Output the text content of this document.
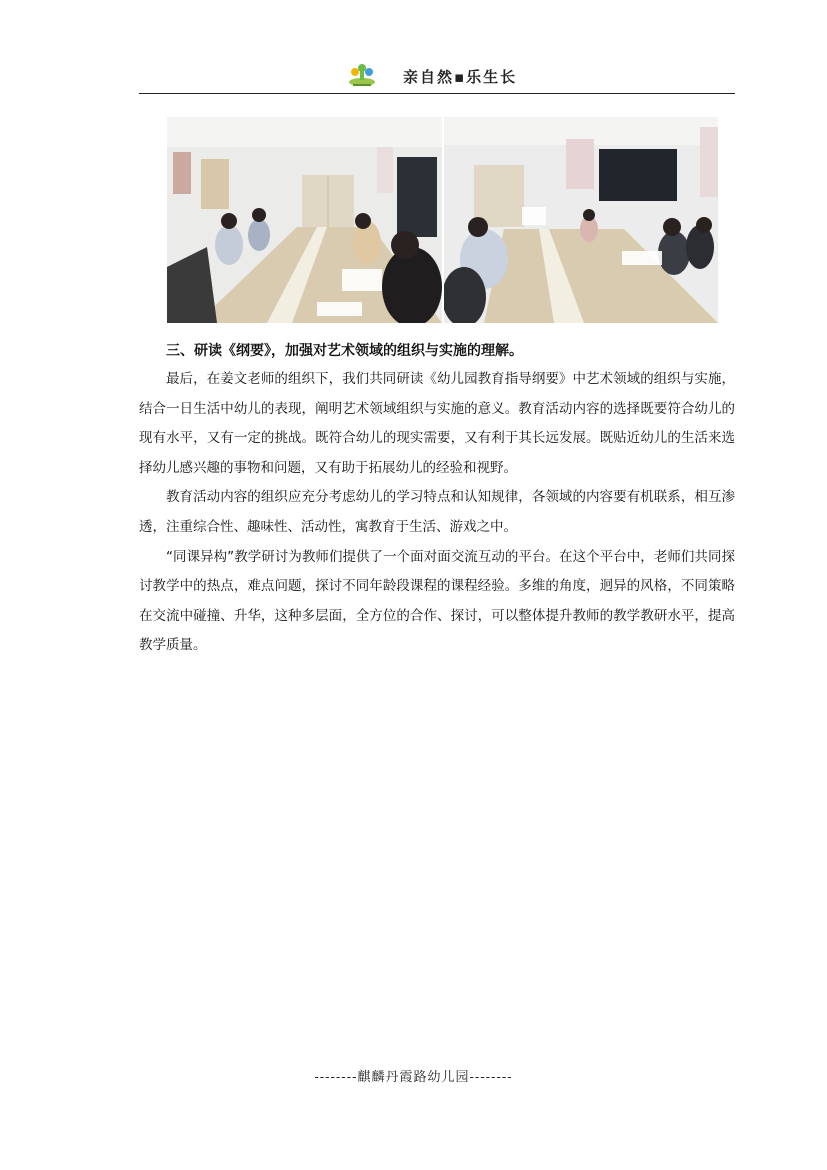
亲自然▪乐生长
三、研读《纲要》，加强对艺术领域的组织与实施的理解。

最后，在姜文老师的组织下，我们共同研读《幼儿园教育指导纲要》中艺术领域的组织与实施，结合一日生活中幼儿的表现，阐明艺术领域组织与实施的意义。教育活动内容的选择既要符合幼儿的现有水平，又有一定的挑战。既符合幼儿的现实需要，又有利于其长远发展。既贴近幼儿的生活来选择幼儿感兴趣的事物和问题，又有助于拓展幼儿的经验和视野。

教育活动内容的组织应充分考虑幼儿的学习特点和认知规律，各领域的内容要有机联系，相互渗透，注重综合性、趣味性、活动性，寓教育于生活、游戏之中。

“同课异构”教学研讨为教师们提供了一个面对面交流互动的平台。在这个平台中，老师们共同探讨教学中的热点，难点问题，探讨不同年龄段课程的课程经验。多维的角度，迥异的风格，不同策略在交流中碰撞、升华，这种多层面，全方位的合作、探讨，可以整体提升教师的教学教研水平，提高教学质量。

--------麒麟丹霞路幼儿园--------
